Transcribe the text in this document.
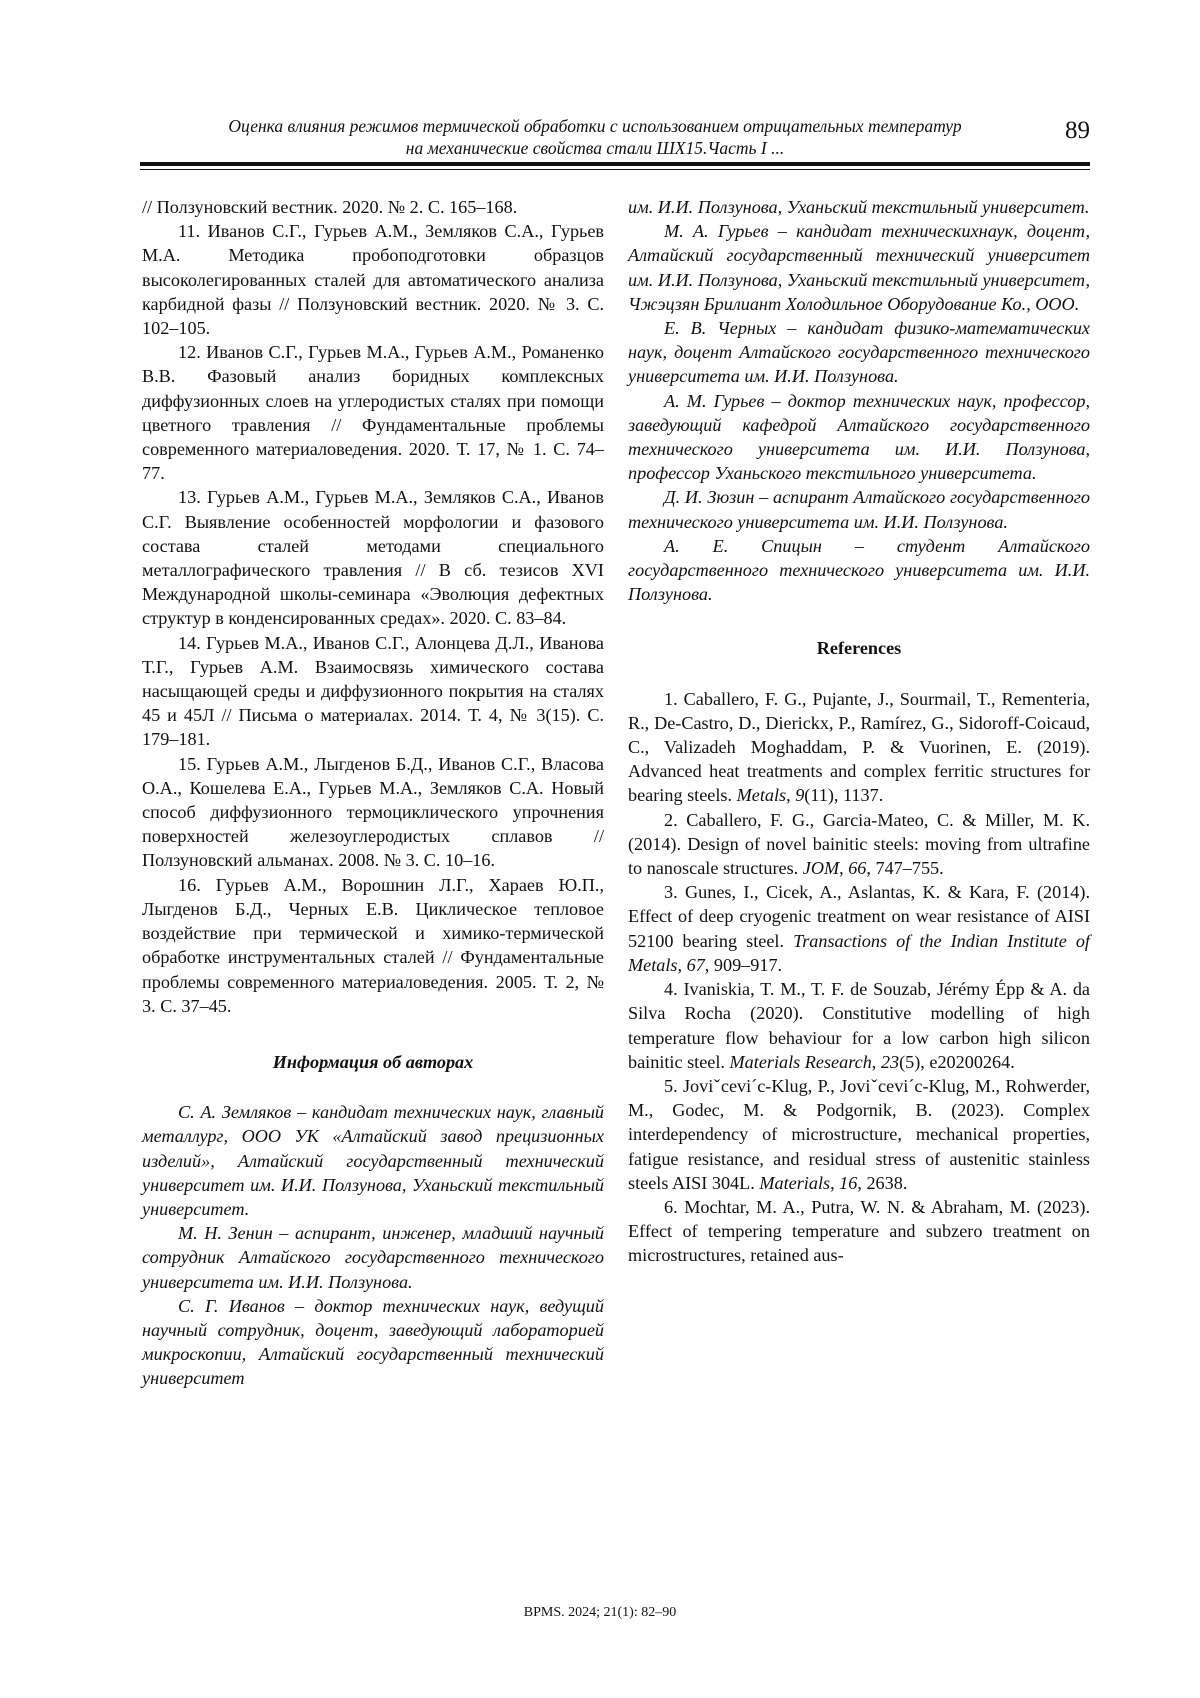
Оценка влияния режимов термической обработки с использованием отрицательных температур
на механические свойства стали ШХ15.Часть I ...
89

// Ползуновский вестник. 2020. № 2. С. 165–168.

11. Иванов С.Г., Гурьев А.М., Земляков С.А., Гурьев М.А. Методика пробоподготовки образцов высоколегированных сталей для автоматического анализа карбидной фазы // Ползуновский вестник. 2020. № 3. С. 102–105.

12. Иванов С.Г., Гурьев М.А., Гурьев А.М., Романенко В.В. Фазовый анализ боридных комплексных диффузионных слоев на углеродистых сталях при помощи цветного травления // Фундаментальные проблемы современного материаловедения. 2020. Т. 17, № 1. С. 74–77.

13. Гурьев А.М., Гурьев М.А., Земляков С.А., Иванов С.Г. Выявление особенностей морфологии и фазового состава сталей методами специального металлографического травления // В сб. тезисов XVI Международной школы-семинара «Эволюция дефектных структур в конденсированных средах». 2020. С. 83–84.

14. Гурьев М.А., Иванов С.Г., Алонцева Д.Л., Иванова Т.Г., Гурьев А.М. Взаимосвязь химического состава насыщающей среды и диффузионного покрытия на сталях 45 и 45Л // Письма о материалах. 2014. Т. 4, № 3(15). С. 179–181.

15. Гурьев А.М., Лыгденов Б.Д., Иванов С.Г., Власова О.А., Кошелева Е.А., Гурьев М.А., Земляков С.А. Новый способ диффузионного термоциклического упрочнения поверхностей железоуглеродистых сплавов // Ползуновский альманах. 2008. № 3. С. 10–16.

16. Гурьев А.М., Ворошнин Л.Г., Хараев Ю.П., Лыгденов Б.Д., Черных Е.В. Циклическое тепловое воздействие при термической и химико-термической обработке инструментальных сталей // Фундаментальные проблемы современного материаловедения. 2005. Т. 2, № 3. С. 37–45.

Информация об авторах

С. А. Земляков – кандидат технических наук, главный металлург, ООО УК «Алтайский завод прецизионных изделий», Алтайский государственный технический университет им. И.И. Ползунова, Уханьский текстильный университет.

М. Н. Зенин – аспирант, инженер, младший научный сотрудник Алтайского государственного технического университета им. И.И. Ползунова.

С. Г. Иванов – доктор технических наук, ведущий научный сотрудник, доцент, заведующий лабораторией микроскопии, Алтайский государственный технический университет

им. И.И. Ползунова, Уханьский текстильный университет.

М. А. Гурьев – кандидат техническихнаук, доцент, Алтайский государственный технический университет им. И.И. Ползунова, Уханьский текстильный университет, Чжэцзян Брилиант Холодильное Оборудование Ко., ООО.

Е. В. Черных – кандидат физико-математических наук, доцент Алтайского государственного технического университета им. И.И. Ползунова.

А. М. Гурьев – доктор технических наук, профессор, заведующий кафедрой Алтайского государственного технического университета им. И.И. Ползунова, профессор Уханьского текстильного университета.

Д. И. Зюзин – аспирант Алтайского государственного технического университета им. И.И. Ползунова.

А. Е. Спицын – студент Алтайского государственного технического университета им. И.И. Ползунова.

References

1. Caballero, F. G., Pujante, J., Sourmail, T., Rementeria, R., De-Castro, D., Dierickx, P., Ramírez, G., Sidoroff-Coicaud, C., Valizadeh Moghaddam, P. & Vuorinen, E. (2019). Advanced heat treatments and complex ferritic structures for bearing steels. Metals, 9(11), 1137.

2. Caballero, F. G., Garcia-Mateo, C. & Miller, M. K. (2014). Design of novel bainitic steels: moving from ultrafine to nanoscale structures. JOM, 66, 747–755.

3. Gunes, I., Cicek, A., Aslantas, K. & Kara, F. (2014). Effect of deep cryogenic treatment on wear resistance of AISI 52100 bearing steel. Transactions of the Indian Institute of Metals, 67, 909–917.

4. Ivaniskia, T. M., T. F. de Souzab, Jérémy Épp & A. da Silva Rocha (2020). Constitutive modelling of high temperature flow behaviour for a low carbon high silicon bainitic steel. Materials Research, 23(5), e20200264.

5. Joviˇcevi´c-Klug, P., Joviˇcevi´c-Klug, M., Rohwerder, M., Godec, M. & Podgornik, B. (2023). Complex interdependency of microstructure, mechanical properties, fatigue resistance, and residual stress of austenitic stainless steels AISI 304L. Materials, 16, 2638.

6. Mochtar, M. A., Putra, W. N. & Abraham, M. (2023). Effect of tempering temperature and subzero treatment on microstructures, retained aus-

BPMS. 2024; 21(1): 82–90
